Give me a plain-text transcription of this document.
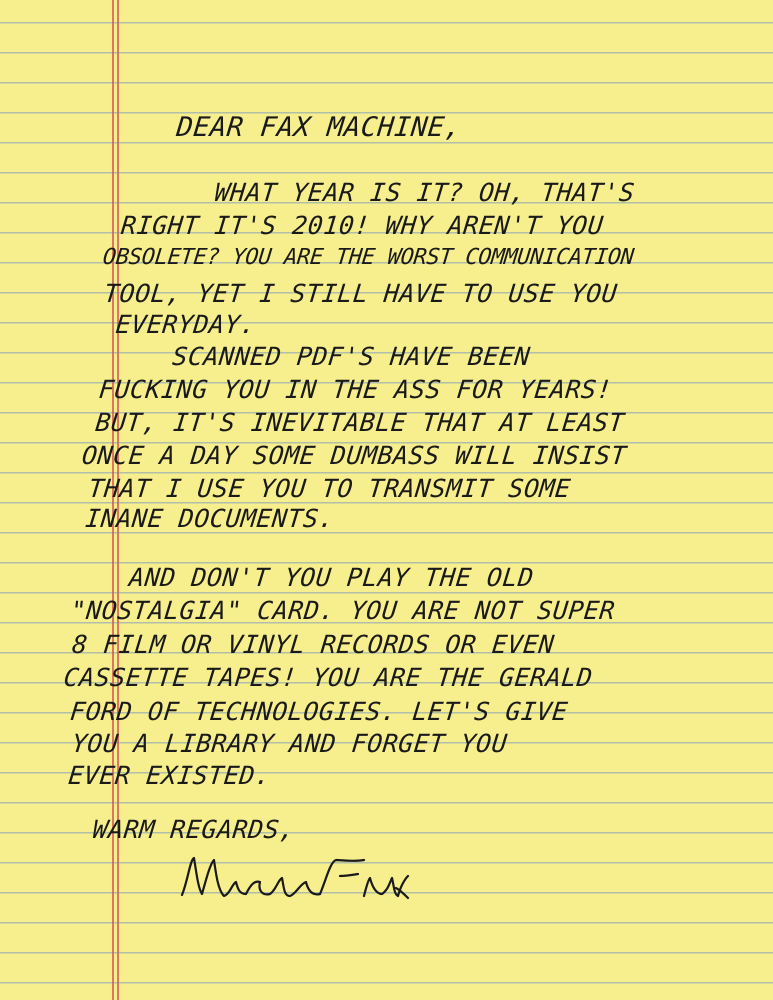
DEAR FAX MACHINE,
WHAT YEAR IS IT? OH, THAT'S
RIGHT IT'S 2010! WHY AREN'T YOU
OBSOLETE? YOU ARE THE WORST COMMUNICATION
TOOL, YET I STILL HAVE TO USE YOU
EVERYDAY.
SCANNED PDF'S HAVE BEEN
FUCKING YOU IN THE ASS FOR YEARS!
BUT, IT'S INEVITABLE THAT AT LEAST
ONCE A DAY SOME DUMBASS WILL INSIST
THAT I USE YOU TO TRANSMIT SOME
INANE DOCUMENTS.
AND DON'T YOU PLAY THE OLD
"NOSTALGIA" CARD. YOU ARE NOT SUPER
8 FILM OR VINYL RECORDS OR EVEN
CASSETTE TAPES! YOU ARE THE GERALD
FORD OF TECHNOLOGIES. LET'S GIVE
YOU A LIBRARY AND FORGET YOU
EVER EXISTED.
WARM REGARDS,
